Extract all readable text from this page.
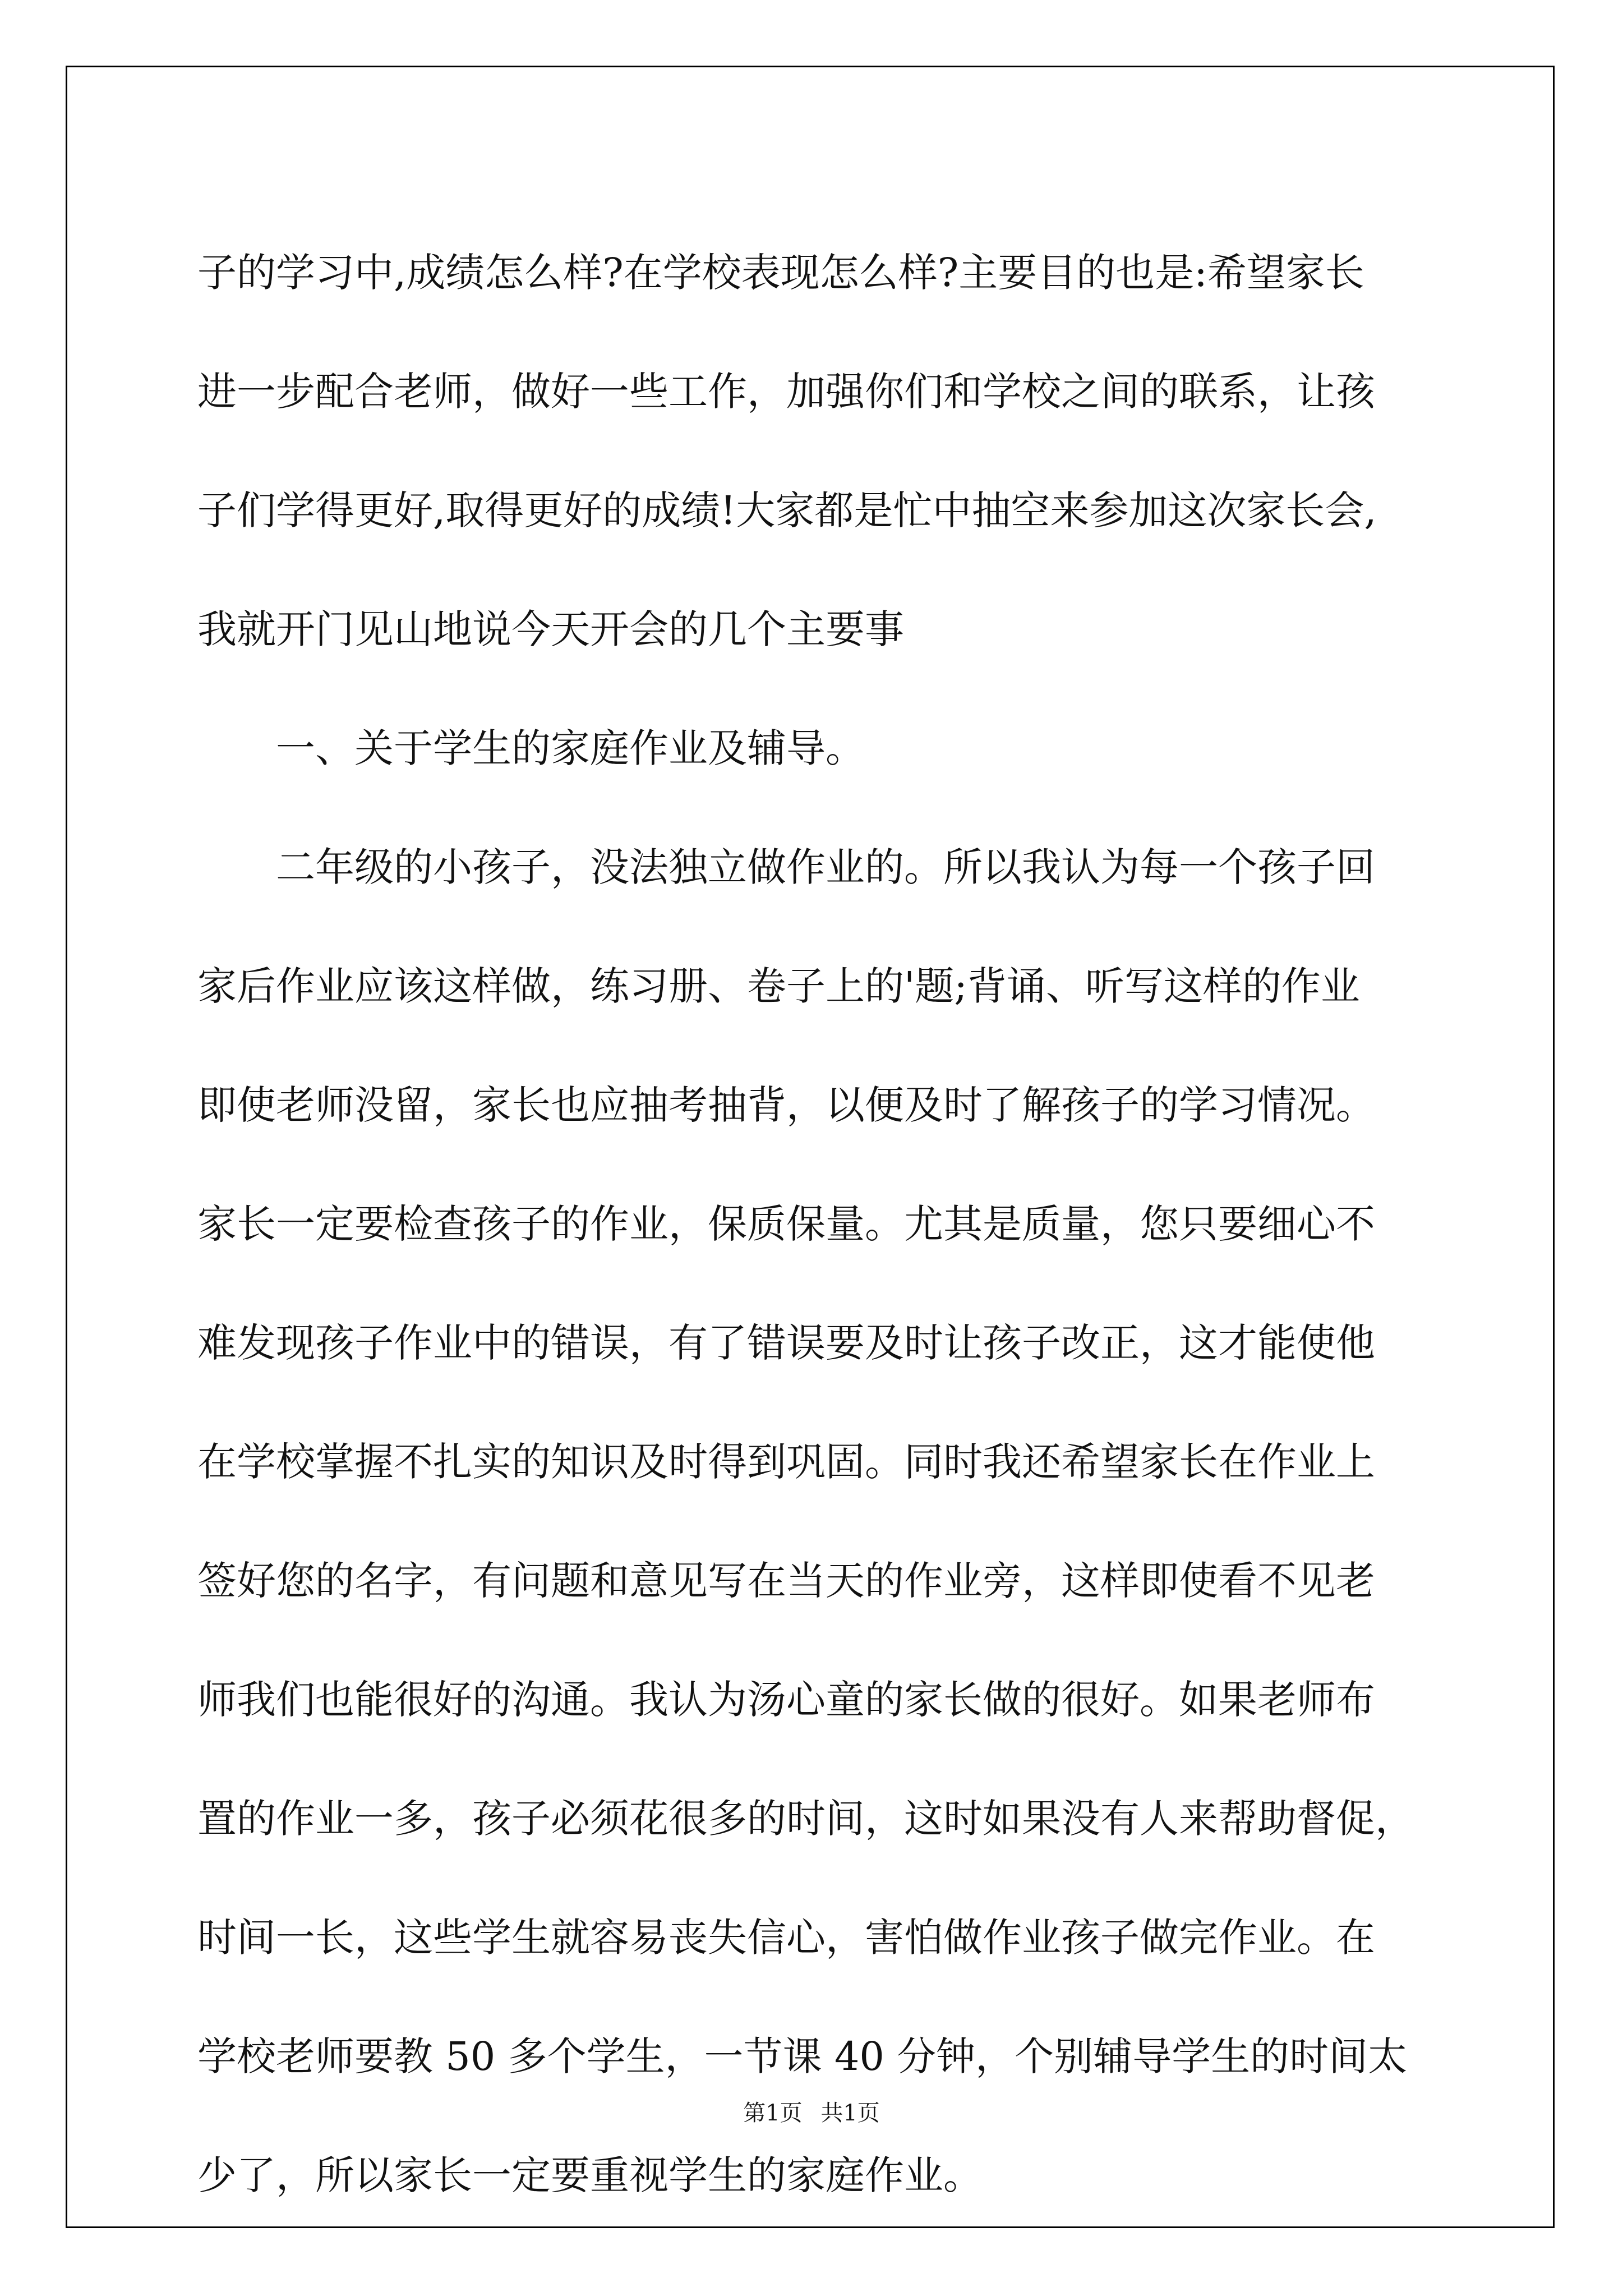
子的学习中,成绩怎么样?在学校表现怎么样?主要目的也是:希望家长
进一步配合老师，做好一些工作，加强你们和学校之间的联系，让孩
子们学得更好,取得更好的成绩!大家都是忙中抽空来参加这次家长会,
我就开门见山地说今天开会的几个主要事
　　一、关于学生的家庭作业及辅导。
　　二年级的小孩子，没法独立做作业的。所以我认为每一个孩子回
家后作业应该这样做，练习册、卷子上的'题;背诵、听写这样的作业
即使老师没留，家长也应抽考抽背，以便及时了解孩子的学习情况。
家长一定要检查孩子的作业，保质保量。尤其是质量，您只要细心不
难发现孩子作业中的错误，有了错误要及时让孩子改正，这才能使他
在学校掌握不扎实的知识及时得到巩固。同时我还希望家长在作业上
签好您的名字，有问题和意见写在当天的作业旁，这样即使看不见老
师我们也能很好的沟通。我认为汤心童的家长做的很好。如果老师布
置的作业一多，孩子必须花很多的时间，这时如果没有人来帮助督促，
时间一长，这些学生就容易丧失信心，害怕做作业孩子做完作业。在
学校老师要教 50 多个学生，一节课 40 分钟，个别辅导学生的时间太
少了，所以家长一定要重视学生的家庭作业。
第1页 共1页
